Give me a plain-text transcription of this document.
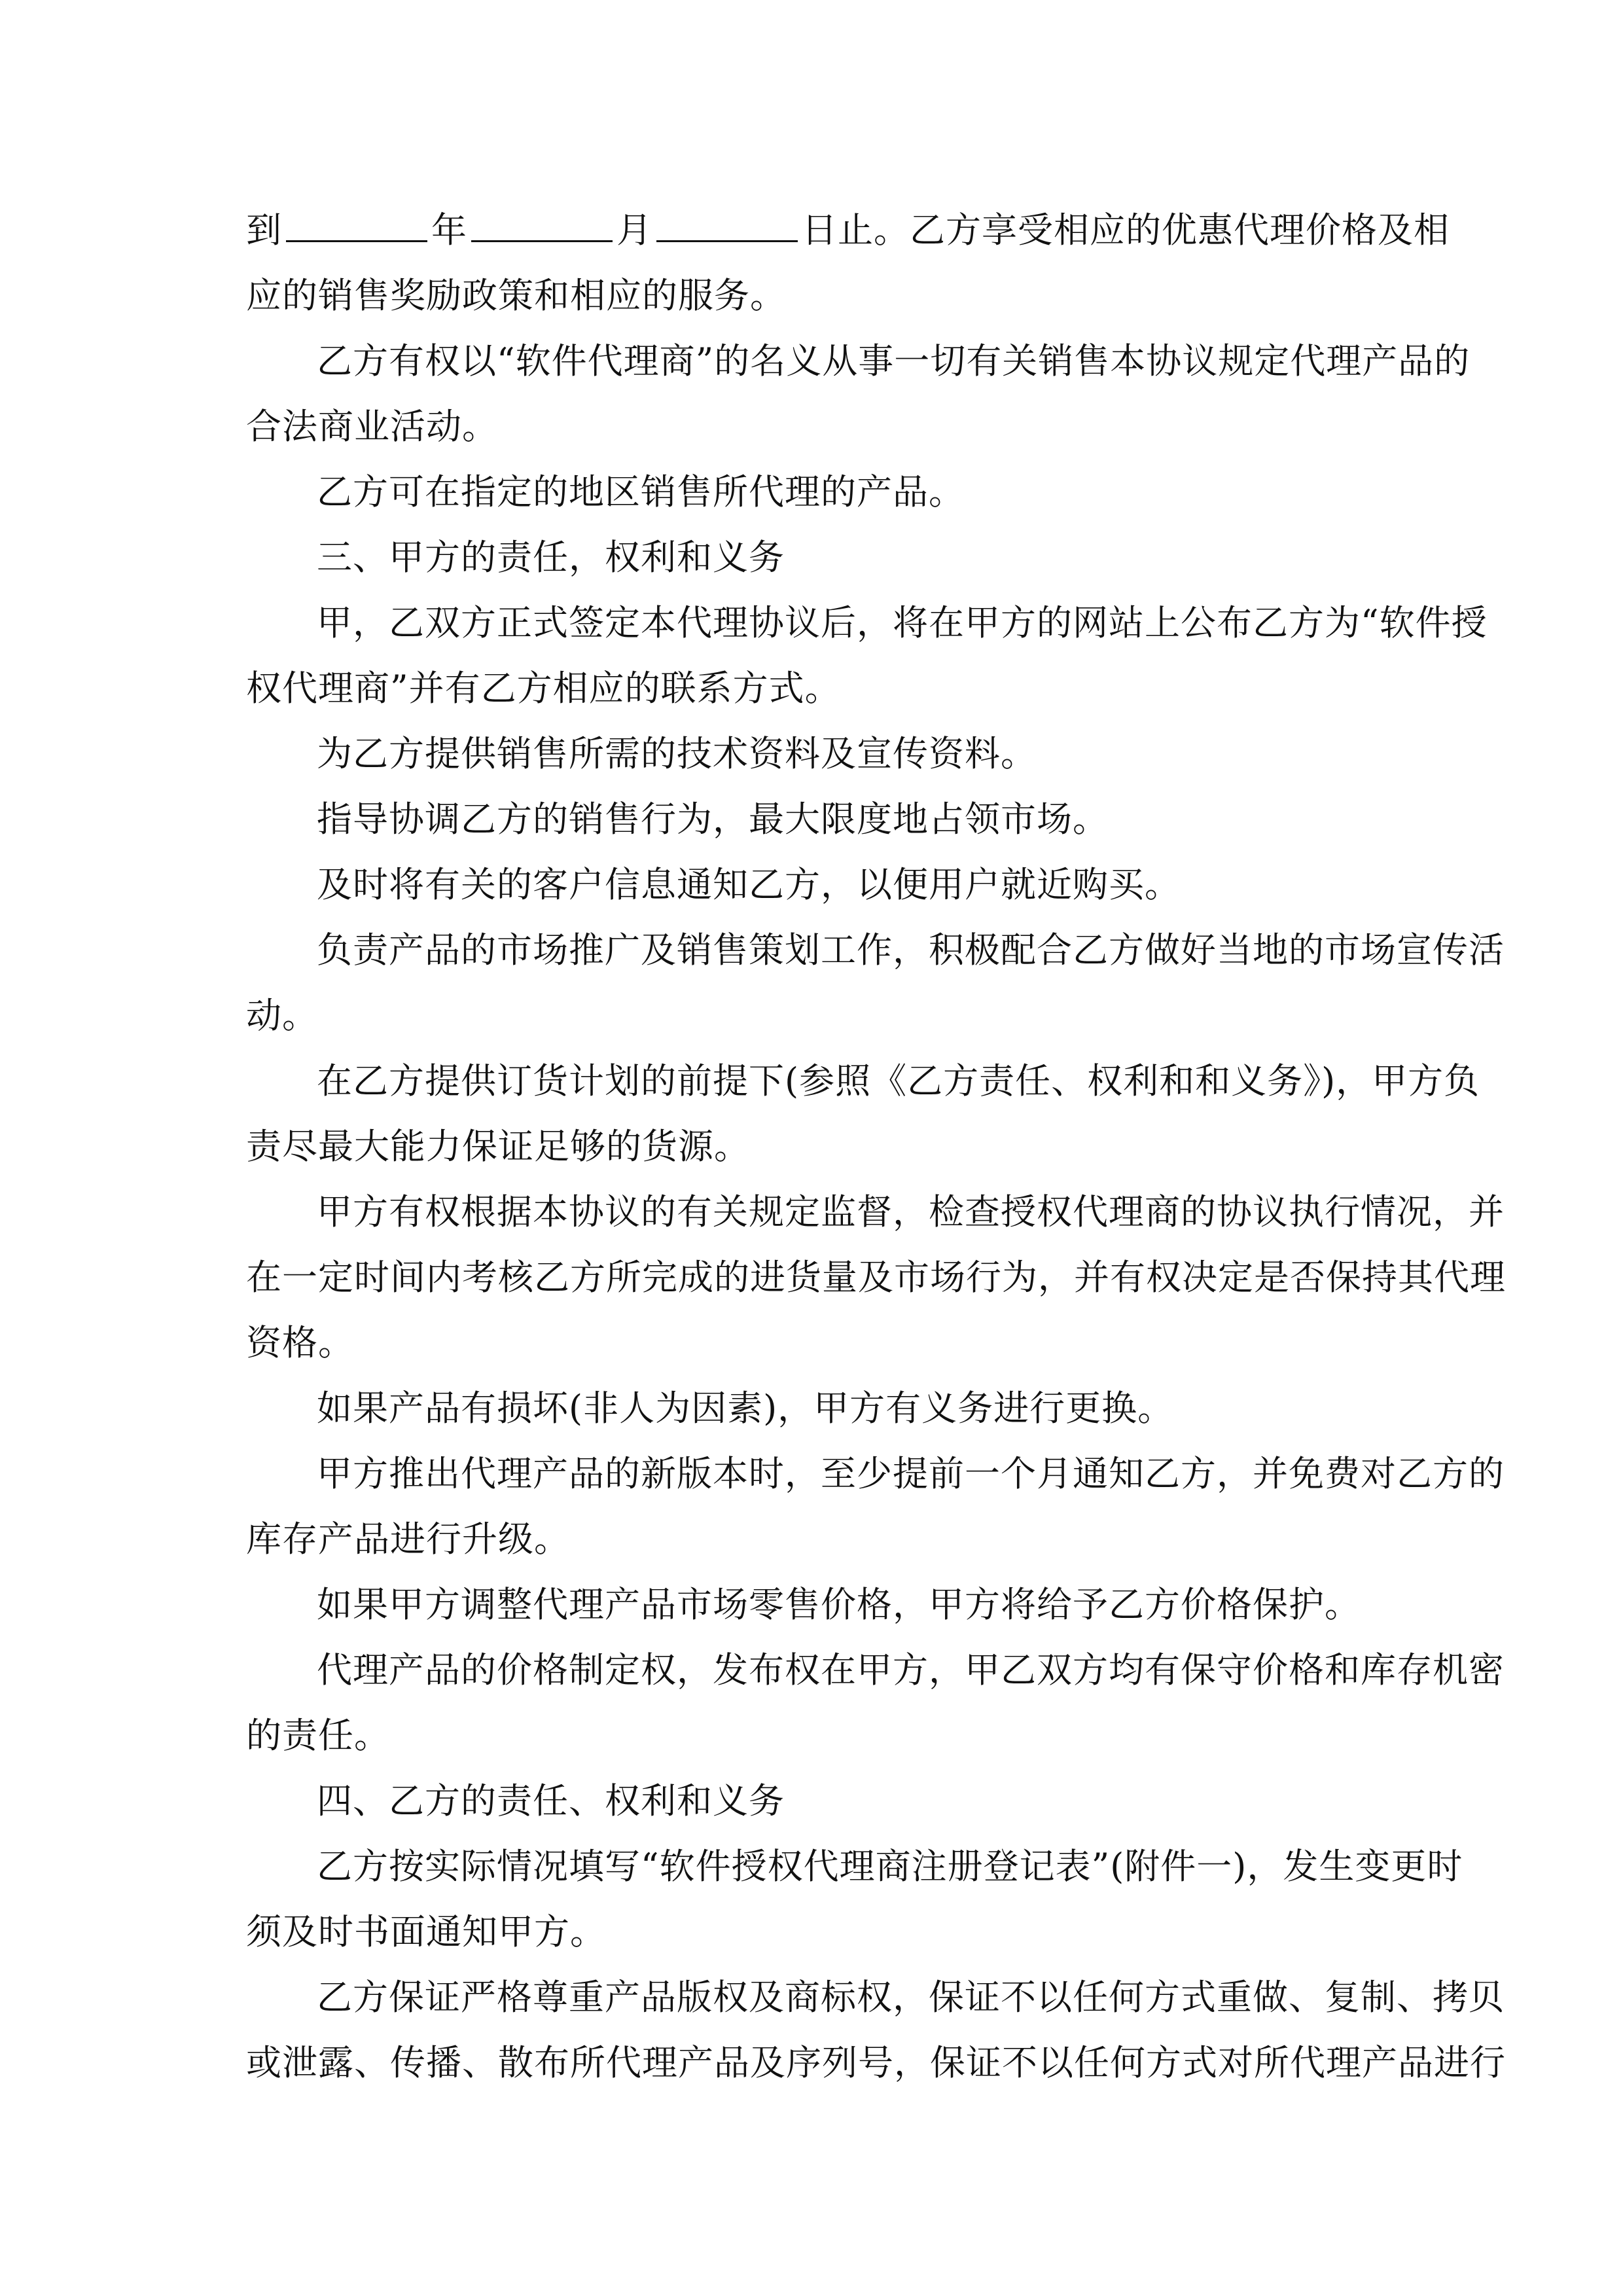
到	年	月	日止。乙方享受相应的优惠代理价格及相
应的销售奖励政策和相应的服务。

乙方有权以“软件代理商”的名义从事一切有关销售本协议规定代理产品的
合法商业活动。

乙方可在指定的地区销售所代理的产品。

三、甲方的责任，权利和义务

甲，乙双方正式签定本代理协议后，将在甲方的网站上公布乙方为“软件授
权代理商”并有乙方相应的联系方式。

为乙方提供销售所需的技术资料及宣传资料。

指导协调乙方的销售行为，最大限度地占领市场。

及时将有关的客户信息通知乙方，以便用户就近购买。

负责产品的市场推广及销售策划工作，积极配合乙方做好当地的市场宣传活
动。

在乙方提供订货计划的前提下(参照《乙方责任、权利和和义务》)，甲方负
责尽最大能力保证足够的货源。

甲方有权根据本协议的有关规定监督，检查授权代理商的协议执行情况，并
在一定时间内考核乙方所完成的进货量及市场行为，并有权决定是否保持其代理
资格。

如果产品有损坏(非人为因素)，甲方有义务进行更换。

甲方推出代理产品的新版本时，至少提前一个月通知乙方，并免费对乙方的
库存产品进行升级。

如果甲方调整代理产品市场零售价格，甲方将给予乙方价格保护。

代理产品的价格制定权，发布权在甲方，甲乙双方均有保守价格和库存机密
的责任。

四、乙方的责任、权利和义务

乙方按实际情况填写“软件授权代理商注册登记表”(附件一)，发生变更时
须及时书面通知甲方。

乙方保证严格尊重产品版权及商标权，保证不以任何方式重做、复制、拷贝
或泄露、传播、散布所代理产品及序列号，保证不以任何方式对所代理产品进行
